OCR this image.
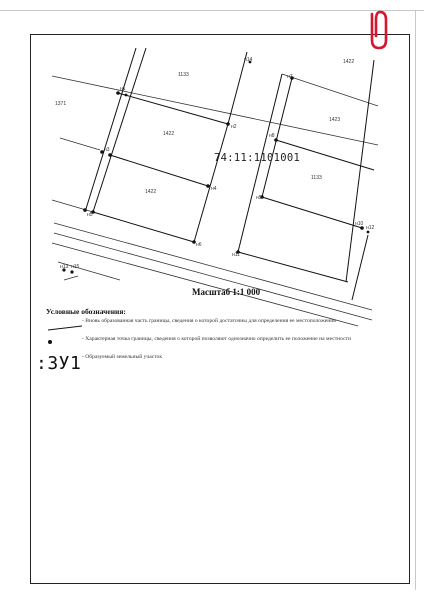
1133
1422
1371
1422
1423
1422
1133
74:11:1101001
н1
н2
н3
н4
н5
н6
н7
н8
н9
н10
н11
н12
н13
н14
н15
Масштаб 1:1 000
Условные обозначения:
- Вновь образованная часть границы, сведения о которой достаточны для определения ее местоположения
- Характерная точка границы, сведения о которой позволяют однозначно определить ее положение на местности
:ЗУ1 - Образуемый земельный участок
